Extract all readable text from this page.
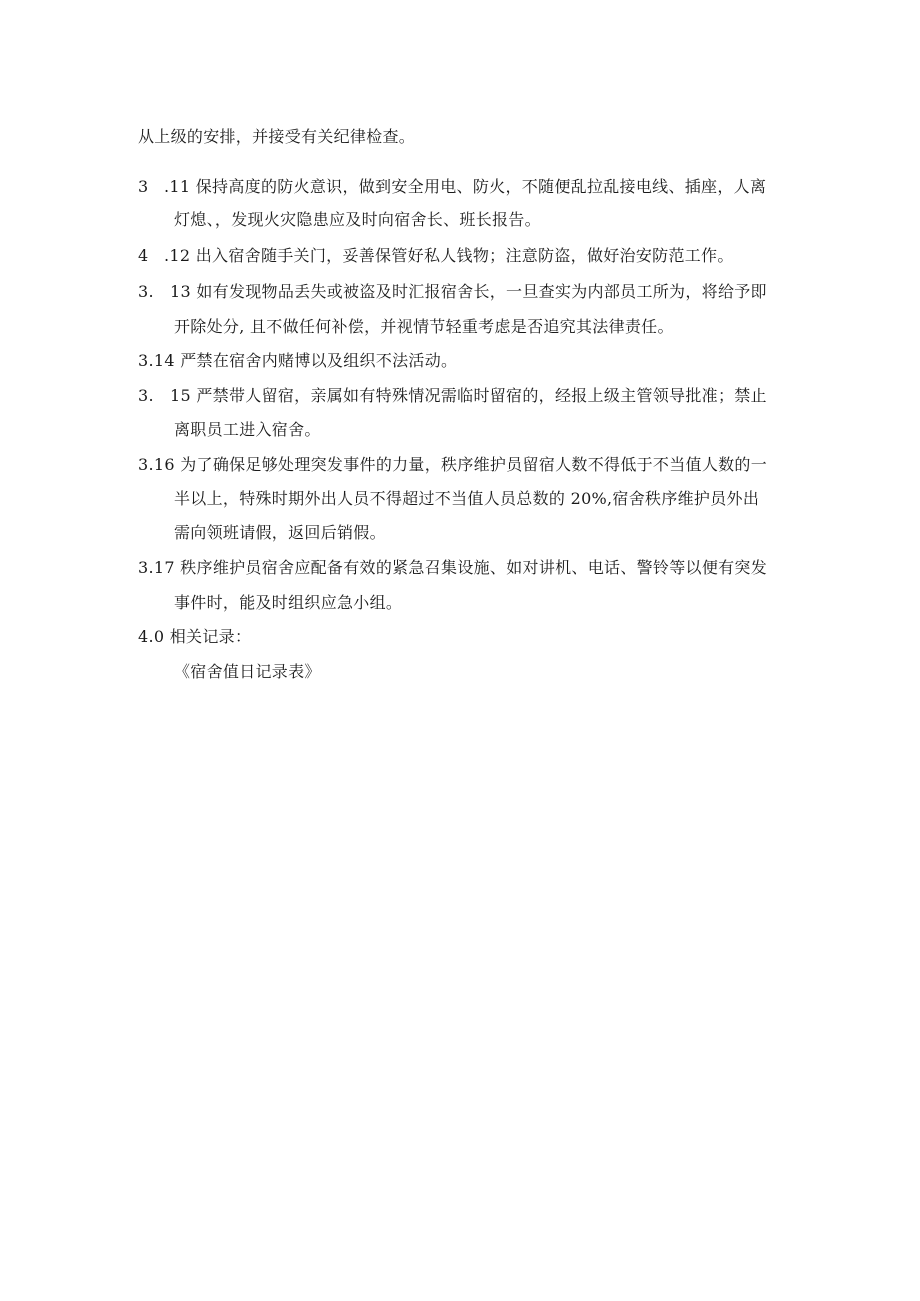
从上级的安排，并接受有关纪律检查。
3 .11 保持高度的防火意识，做到安全用电、防火，不随便乱拉乱接电线、插座，人离
灯熄、，发现火灾隐患应及时向宿舍长、班长报告。
4 .12 出入宿舍随手关门，妥善保管好私人钱物；注意防盗，做好治安防范工作。
3. 13 如有发现物品丢失或被盗及时汇报宿舍长，一旦查实为内部员工所为，将给予即
开除处分, 且不做任何补偿，并视情节轻重考虑是否追究其法律责任。
3.14 严禁在宿舍内赌博以及组织不法活动。
3. 15 严禁带人留宿，亲属如有特殊情况需临时留宿的，经报上级主管领导批准；禁止
离职员工进入宿舍。
3.16 为了确保足够处理突发事件的力量，秩序维护员留宿人数不得低于不当值人数的一
半以上，特殊时期外出人员不得超过不当值人员总数的 20%,宿舍秩序维护员外出
需向领班请假，返回后销假。
3.17 秩序维护员宿舍应配备有效的紧急召集设施、如对讲机、电话、警铃等以便有突发
事件时，能及时组织应急小组。
4.0 相关记录：
《宿舍值日记录表》
